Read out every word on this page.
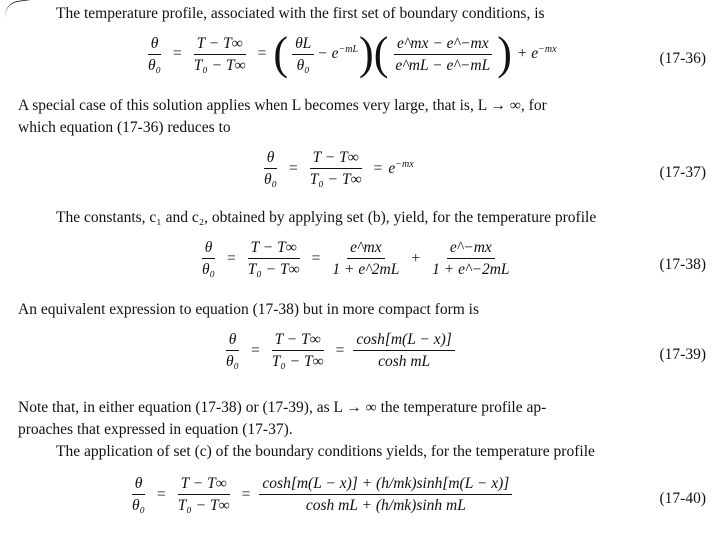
The temperature profile, associated with the first set of boundary conditions, is
$\frac{\theta}{\text{θ₀}} = \frac{T - T\infty}{\text{T₀ − T∞}}$ = ( $\frac{\theta L}{\text{θ₀}} - e^{-mL}$ )( $\frac{e\^{}mx - e\^{}-mx}{e\^{}mL - e\^{}-mL}$ ) + $e^{-mx}$
(17-36)
A special case of this solution applies when L becomes very large, that is, L → ∞, for
which equation (17-36) reduces to
$\frac{\theta}{\text{θ₀}} = \frac{T - T\infty}{\text{T₀ − T∞}} = e^{-mx}$	(17-37)
The constants, c₁ and c₂, obtained by applying set (b), yield, for the temperature profile
$\frac{\theta}{\text{θ₀}} = \frac{T - T\infty}{\text{T₀ − T∞}} = \frac{e\^{}mx}{1 + e\^{}2mL} + \frac{e\^{}-mx}{1 + e\^{}-2mL}$	(17-38)
An equivalent expression to equation (17-38) but in more compact form is
$\frac{\theta}{\text{θ₀}} = \frac{T - T\infty}{\text{T₀ − T∞}} = \frac{\cosh[m(L - x)]}{\text{cosh mL}}$	(17-39)
Note that, in either equation (17-38) or (17-39), as L → ∞ the temperature profile ap-
proaches that expressed in equation (17-37).
The application of set (c) of the boundary conditions yields, for the temperature profile
$\frac{\theta}{\text{θ₀}} = \frac{T - T\infty}{\text{T₀ − T∞}} = \frac{\cosh[m(L - x)] + (h/mk)\sinh[m(L - x)]}{\text{cosh mL + (h/mk)sinh mL}}$	(17-40)
